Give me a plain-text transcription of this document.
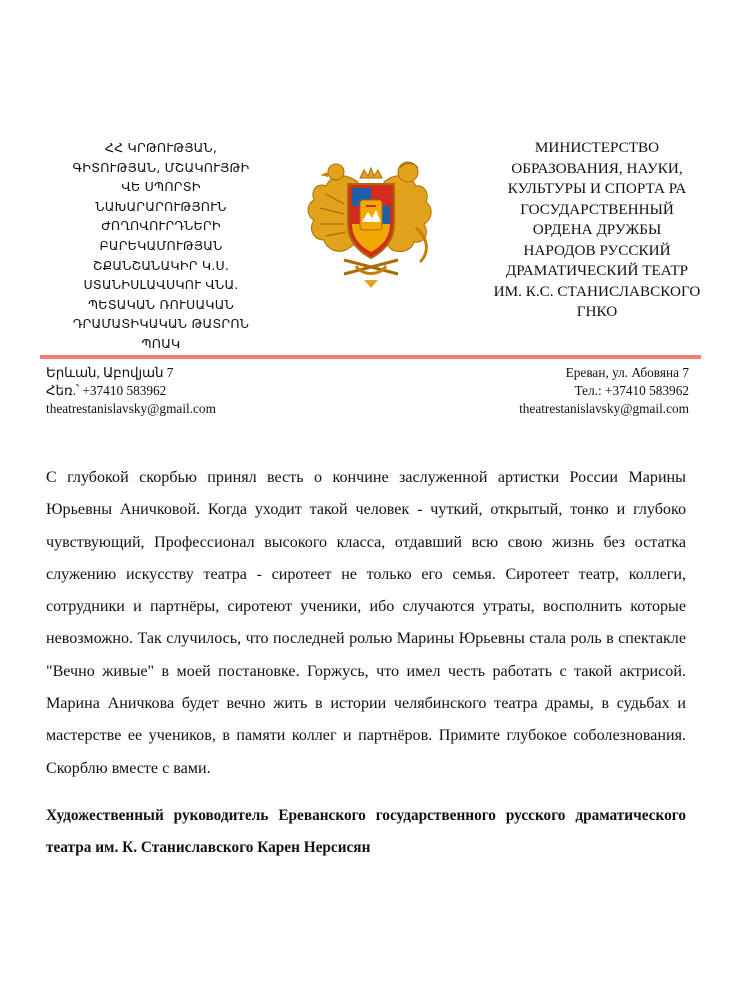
ՀՀ ԿՐԹՈՒԹՅԱՆ,
ԳԻՏՈՒԹՅԱՆ, ՄՇԱԿՈՒՅԹԻ
ՎԵ ՍՊՈՐՏԻ
ՆԱԽԱՐԱՐՈՒԹՅՈՒՆ
ԺՈՂՈՎՈՒՐԴՆԵՐԻ
ԲԱՐԵԿԱՄՈՒԹՅԱՆ
ՇՔԱՆՇԱՆԱԿԻՐ Կ.Ս.
ՍՏԱՆԻՍԼԱՎՍԿՈՒ ՎՆԱ.
ՊԵՏԱԿԱՆ ՌՈՒՍԱԿԱՆ
ԴՐԱՄԱՏԻԿԱԿԱՆ ԹԱՏՐՈՆ
ՊՈԱԿ
МИНИСТЕРСТВО
ОБРАЗОВАНИЯ, НАУКИ,
КУЛЬТУРЫ И СПОРТА РА
ГОСУДАРСТВЕННЫЙ
ОРДЕНА ДРУЖБЫ
НАРОДОВ РУССКИЙ
ДРАМАТИЧЕСКИЙ ТЕАТР
ИМ. К.С. СТАНИСЛАВСКОГО
ГНКО
Երևան, Աբովյան 7
Հեռ.՝ +37410 583962
theatrestanislavsky@gmail.com
Ереван, ул. Абовяна 7
Тел.: +37410 583962
theatrestanislavsky@gmail.com
С глубокой скорбью принял весть о кончине заслуженной артистки России Марины Юрьевны Аничковой. Когда уходит такой человек - чуткий, открытый, тонко и глубоко чувствующий, Профессионал высокого класса, отдавший всю свою жизнь без остатка служению искусству театра - сиротеет не только его семья. Сиротеет театр, коллеги, сотрудники и партнёры, сиротеют ученики, ибо случаются утраты, восполнить которые невозможно. Так случилось, что последней ролью Марины Юрьевны стала роль в спектакле "Вечно живые" в моей постановке. Горжусь, что имел честь работать с такой актрисой. Марина Аничкова будет вечно жить в истории челябинского театра драмы, в судьбах и мастерстве ее учеников, в памяти коллег и партнёров. Примите глубокое соболезнования. Скорблю вместе с вами.
Художественный руководитель Ереванского государственного русского драматического театра им. К. Станиславского Карен Нерсисян
